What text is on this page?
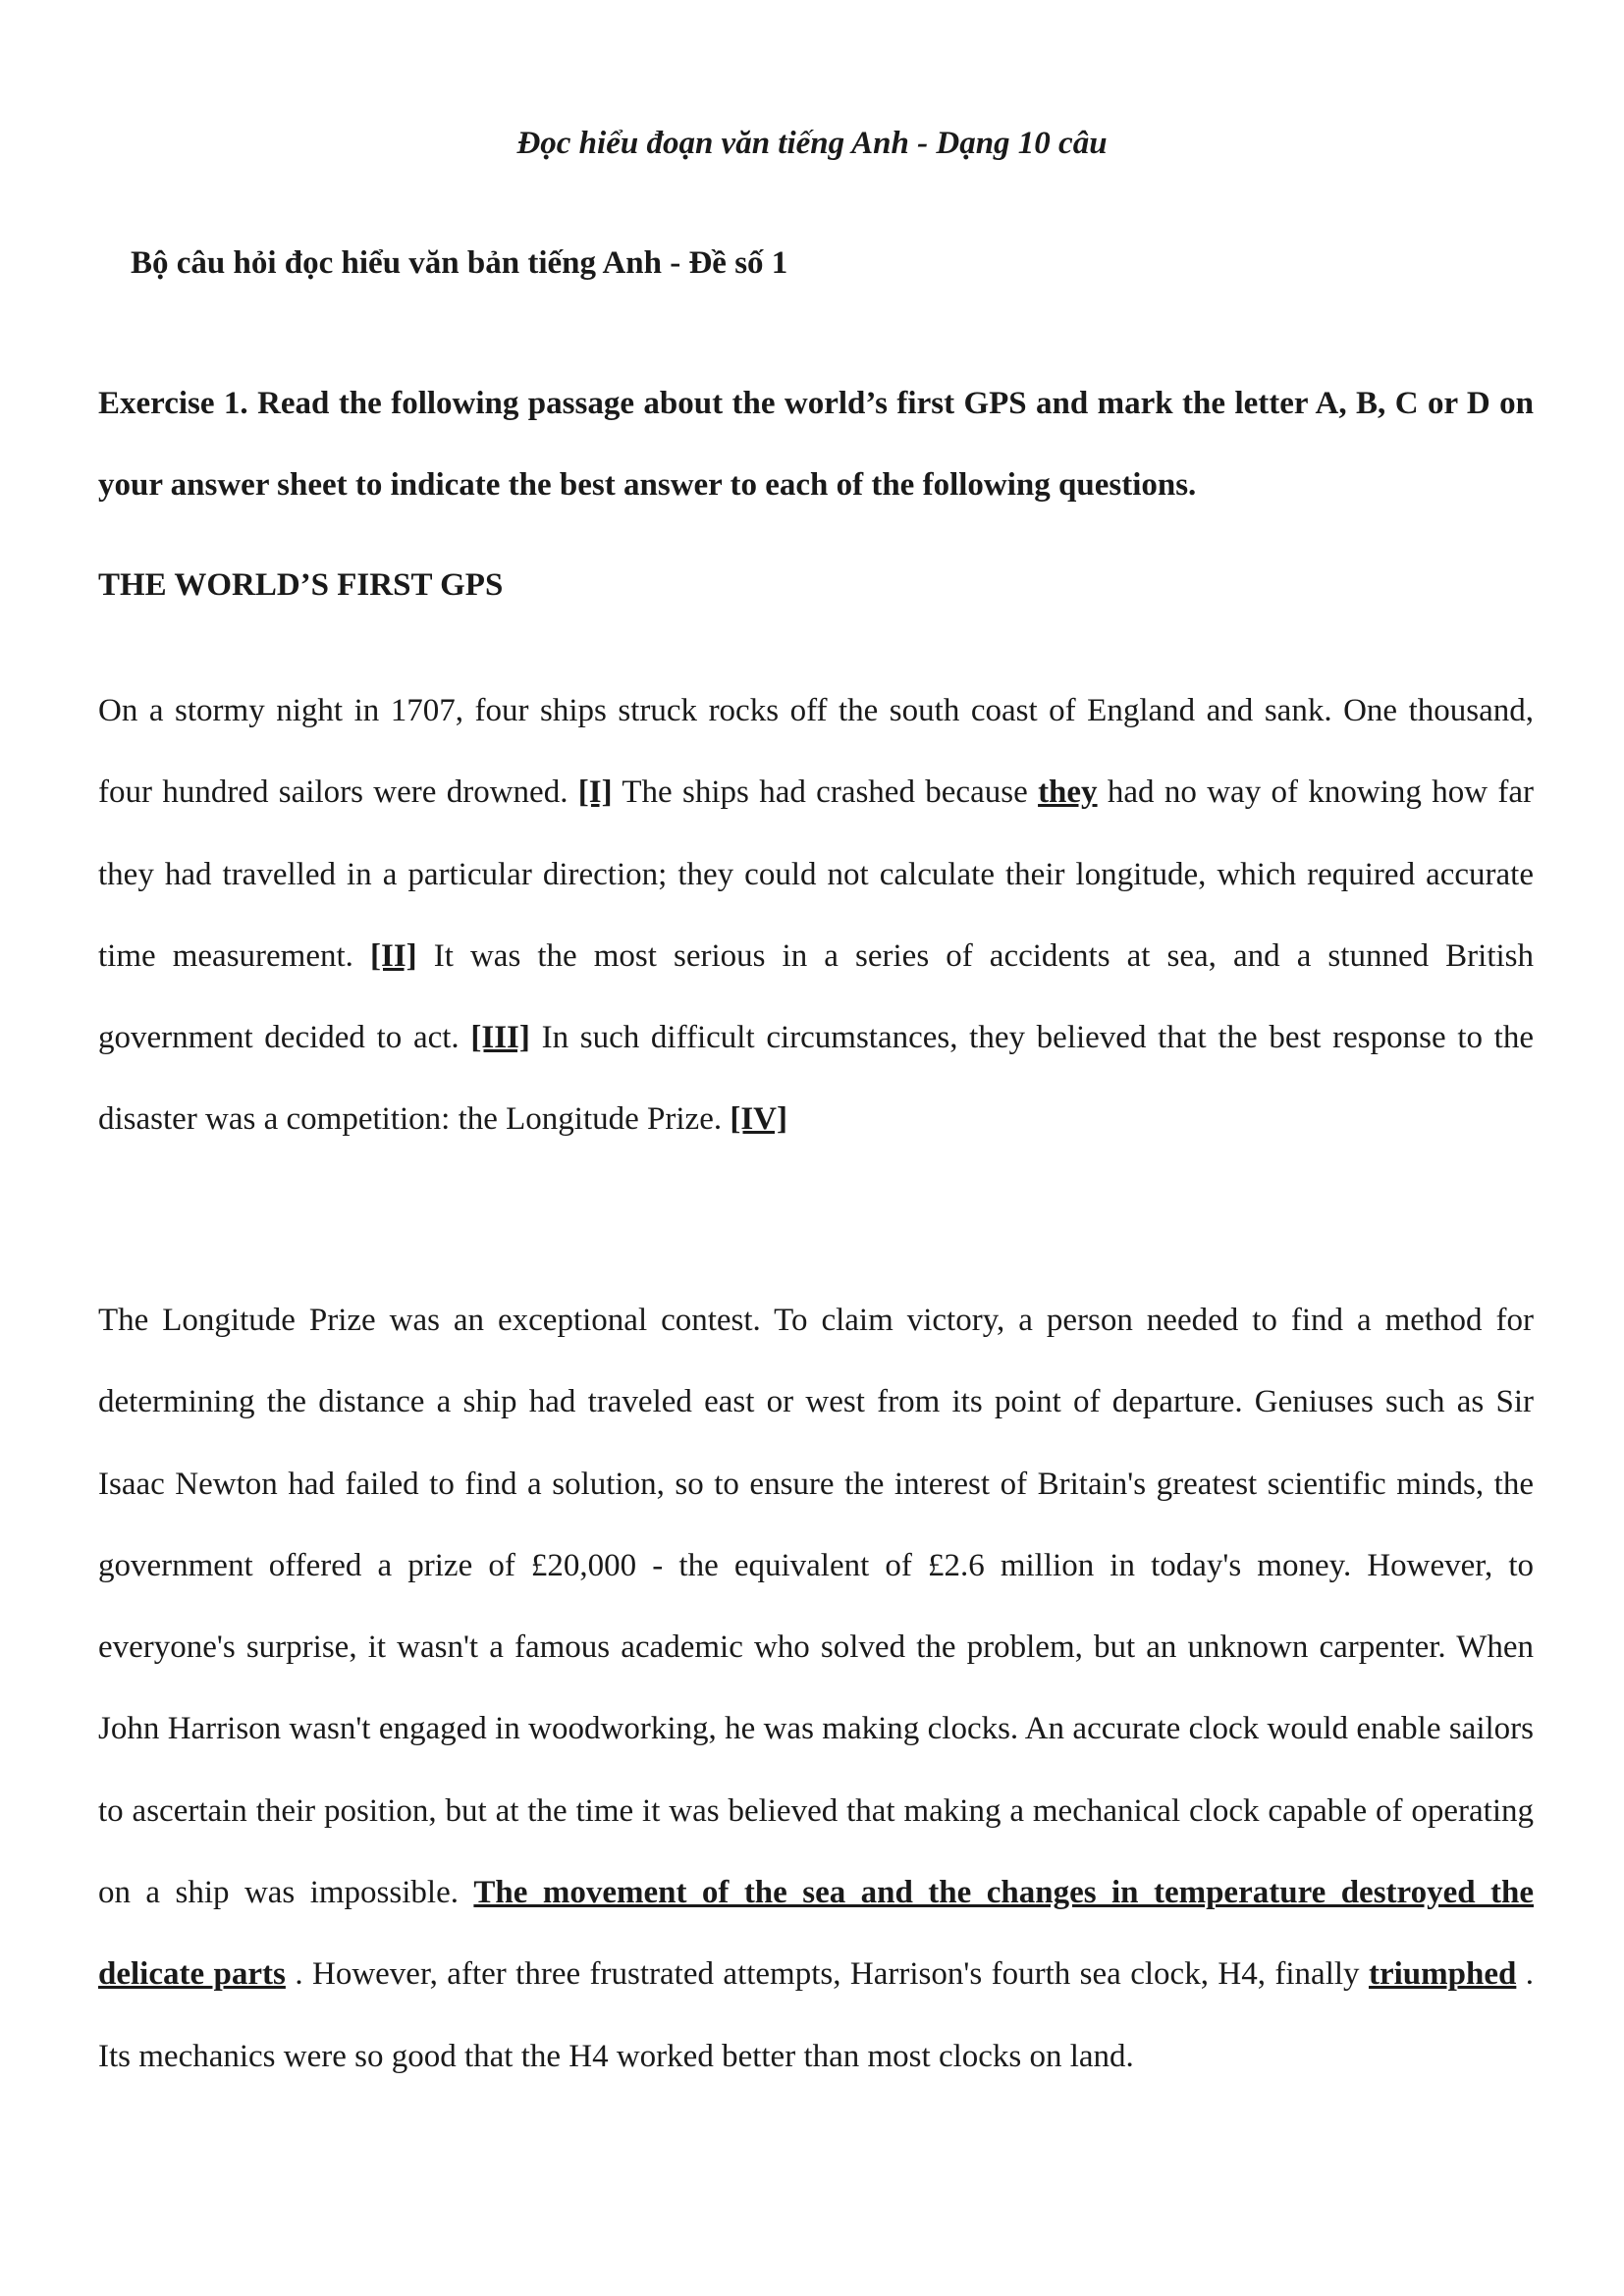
Đọc hiểu đoạn văn tiếng Anh - Dạng 10 câu

Bộ câu hỏi đọc hiểu văn bản tiếng Anh - Đề số 1

Exercise 1. Read the following passage about the world’s first GPS and mark the letter A, B, C or D on your answer sheet to indicate the best answer to each of the following questions.

THE WORLD’S FIRST GPS

On a stormy night in 1707, four ships struck rocks off the south coast of England and sank. One thousand, four hundred sailors were drowned. [I] The ships had crashed because they had no way of knowing how far they had travelled in a particular direction; they could not calculate their longitude, which required accurate time measurement. [II] It was the most serious in a series of accidents at sea, and a stunned British government decided to act. [III] In such difficult circumstances, they believed that the best response to the disaster was a competition: the Longitude Prize. [IV]

The Longitude Prize was an exceptional contest. To claim victory, a person needed to find a method for determining the distance a ship had traveled east or west from its point of departure. Geniuses such as Sir Isaac Newton had failed to find a solution, so to ensure the interest of Britain's greatest scientific minds, the government offered a prize of £20,000 - the equivalent of £2.6 million in today's money. However, to everyone's surprise, it wasn't a famous academic who solved the problem, but an unknown carpenter. When John Harrison wasn't engaged in woodworking, he was making clocks. An accurate clock would enable sailors to ascertain their position, but at the time it was believed that making a mechanical clock capable of operating on a ship was impossible. The movement of the sea and the changes in temperature destroyed the delicate parts . However, after three frustrated attempts, Harrison's fourth sea clock, H4, finally triumphed . Its mechanics were so good that the H4 worked better than most clocks on land.
